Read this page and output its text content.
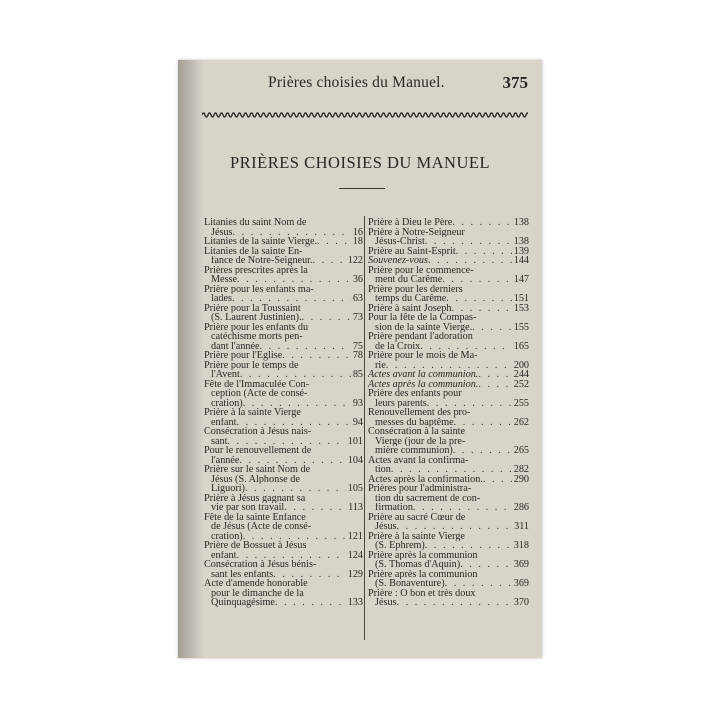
Prières choisies du Manuel.	375
PRIÈRES CHOISIES DU MANUEL
Litanies du saint Nom de
Jésus . . .	16
Litanies de la sainte Vierge. . . .	18
Litanies de la sainte En-
fance de Notre-Seigneur. . . .	122
Prières prescrites après la
Messe . . .	36
Prière pour les enfants ma-
lades . . .	63
Prière pour la Toussaint
(S. Laurent Justinien). . . .	73
Prière pour les enfants du
catéchisme morts pen-
dant l'année . . .	75
Prière pour l'Eglise . . .	78
Prière pour le temps de
l'Avent . . .	85
Fête de l'Immaculée Con-
ception (Acte de consé-
cration) . . .	93
Prière à la sainte Vierge
enfant . . .	94
Consécration à Jésus nais-
sant . . .	101
Pour le renouvellement de
l'année . . .	104
Prière sur le saint Nom de
Jésus (S. Alphonse de
Liguori) . . .	105
Prière à Jésus gagnant sa
vie par son travail . . .	113
Fête de la sainte Enfance
de Jésus (Acte de consé-
cration) . . .	121
Prière de Bossuet à Jésus
enfant . . .	124
Consécration à Jésus bénis-
sant les enfants . . .	129
Acte d'amende honorable
pour le dimanche de la
Quinquagésime . . .	133
Prière à Dieu le Père . . .	138
Prière à Notre-Seigneur
Jésus-Christ . . .	138
Prière au Saint-Esprit . . .	139
Souvenez-vous . . .	144
Prière pour le commence-
ment du Carême . . .	147
Prière pour les derniers
temps du Carême . . .	151
Prière à saint Joseph . . .	153
Pour la fête de la Compas-
sion de la sainte Vierge. . . .	155
Prière pendant l'adoration
de la Croix . . .	165
Prière pour le mois de Ma-
rie . . .	200
Actes avant la communion. . . .	244
Actes après la communion. . . .	252
Prière des enfants pour
leurs parents . . .	255
Renouvellement des pro-
messes du baptême . . .	262
Consécration à la sainte
Vierge (jour de la pre-
mière communion) . . .	265
Actes avant la confirma-
tion . . .	282
Actes après la confirmation. . . .	290
Prières pour l'administra-
tion du sacrement de con-
firmation . . .	286
Prière au sacré Cœur de
Jésus . . .	311
Prière à la sainte Vierge
(S. Ephrem) . . .	318
Prière après la communion
(S. Thomas d'Aquin) . . .	369
Prière après la communion
(S. Bonaventure) . . .	369
Prière : O bon et très doux
Jésus . . .	370
